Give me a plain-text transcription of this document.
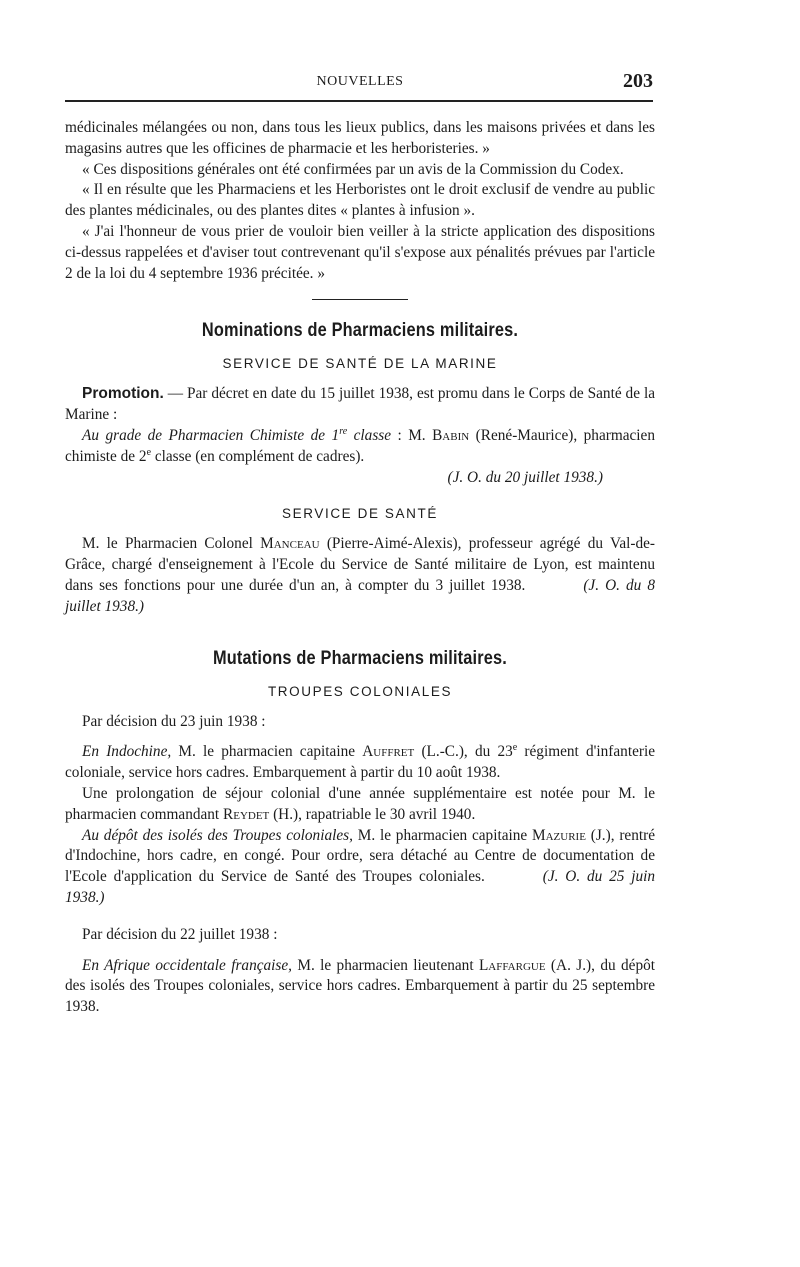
NOUVELLES	203

médicinales mélangées ou non, dans tous les lieux publics, dans les maisons privées et dans les magasins autres que les officines de pharmacie et les herboristeries. »

« Ces dispositions générales ont été confirmées par un avis de la Commission du Codex.

« Il en résulte que les Pharmaciens et les Herboristes ont le droit exclusif de vendre au public des plantes médicinales, ou des plantes dites « plantes à infusion ».

« J'ai l'honneur de vous prier de vouloir bien veiller à la stricte application des dispositions ci-dessus rappelées et d'aviser tout contrevenant qu'il s'expose aux pénalités prévues par l'article 2 de la loi du 4 septembre 1936 précitée. »

Nominations de Pharmaciens militaires.
SERVICE DE SANTÉ DE LA MARINE

Promotion. — Par décret en date du 15 juillet 1938, est promu dans le Corps de Santé de la Marine :

Au grade de Pharmacien Chimiste de 1re classe : M. Babin (René-Maurice), pharmacien chimiste de 2e classe (en complément de cadres).

(J. O. du 20 juillet 1938.)

SERVICE DE SANTÉ

M. le Pharmacien Colonel Manceau (Pierre-Aimé-Alexis), professeur agrégé du Val-de-Grâce, chargé d'enseignement à l'Ecole du Service de Santé militaire de Lyon, est maintenu dans ses fonctions pour une durée d'un an, à compter du 3 juillet 1938.	(J. O. du 8 juillet 1938.)

Mutations de Pharmaciens militaires.
TROUPES COLONIALES

Par décision du 23 juin 1938 :

En Indochine, M. le pharmacien capitaine Auffret (L.-C.), du 23e régiment d'infanterie coloniale, service hors cadres. Embarquement à partir du 10 août 1938.

Une prolongation de séjour colonial d'une année supplémentaire est notée pour M. le pharmacien commandant Reydet (H.), rapatriable le 30 avril 1940.

Au dépôt des isolés des Troupes coloniales, M. le pharmacien capitaine Mazurie (J.), rentré d'Indochine, hors cadre, en congé. Pour ordre, sera détaché au Centre de documentation de l'Ecole d'application du Service de Santé des Troupes coloniales.	(J. O. du 25 juin 1938.)

Par décision du 22 juillet 1938 :

En Afrique occidentale française, M. le pharmacien lieutenant Laffargue (A. J.), du dépôt des isolés des Troupes coloniales, service hors cadres. Embarquement à partir du 25 septembre 1938.
